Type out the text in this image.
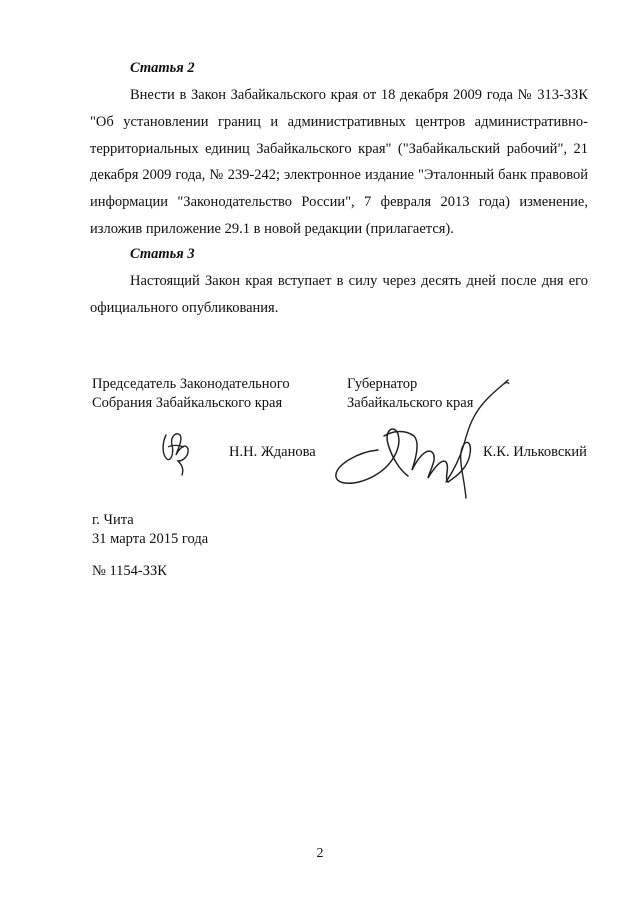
Статья 2
Внести в Закон Забайкальского края от 18 декабря 2009 года № 313-ЗЗК "Об установлении границ и административных центров административно-территориальных единиц Забайкальского края" ("Забайкальский рабочий", 21 декабря 2009 года, № 239-242; электронное издание "Эталонный банк правовой информации "Законодательство России", 7 февраля 2013 года) изменение, изложив приложение 29.1 в новой редакции (прилагается).
Статья 3
Настоящий Закон края вступает в силу через десять дней после дня его официального опубликования.
Председатель Законодательного
Собрания Забайкальского края
Губернатор
Забайкальского края
Н.Н. Жданова	К.К. Ильковский
г. Чита
31 марта 2015 года
№ 1154-ЗЗК
2
